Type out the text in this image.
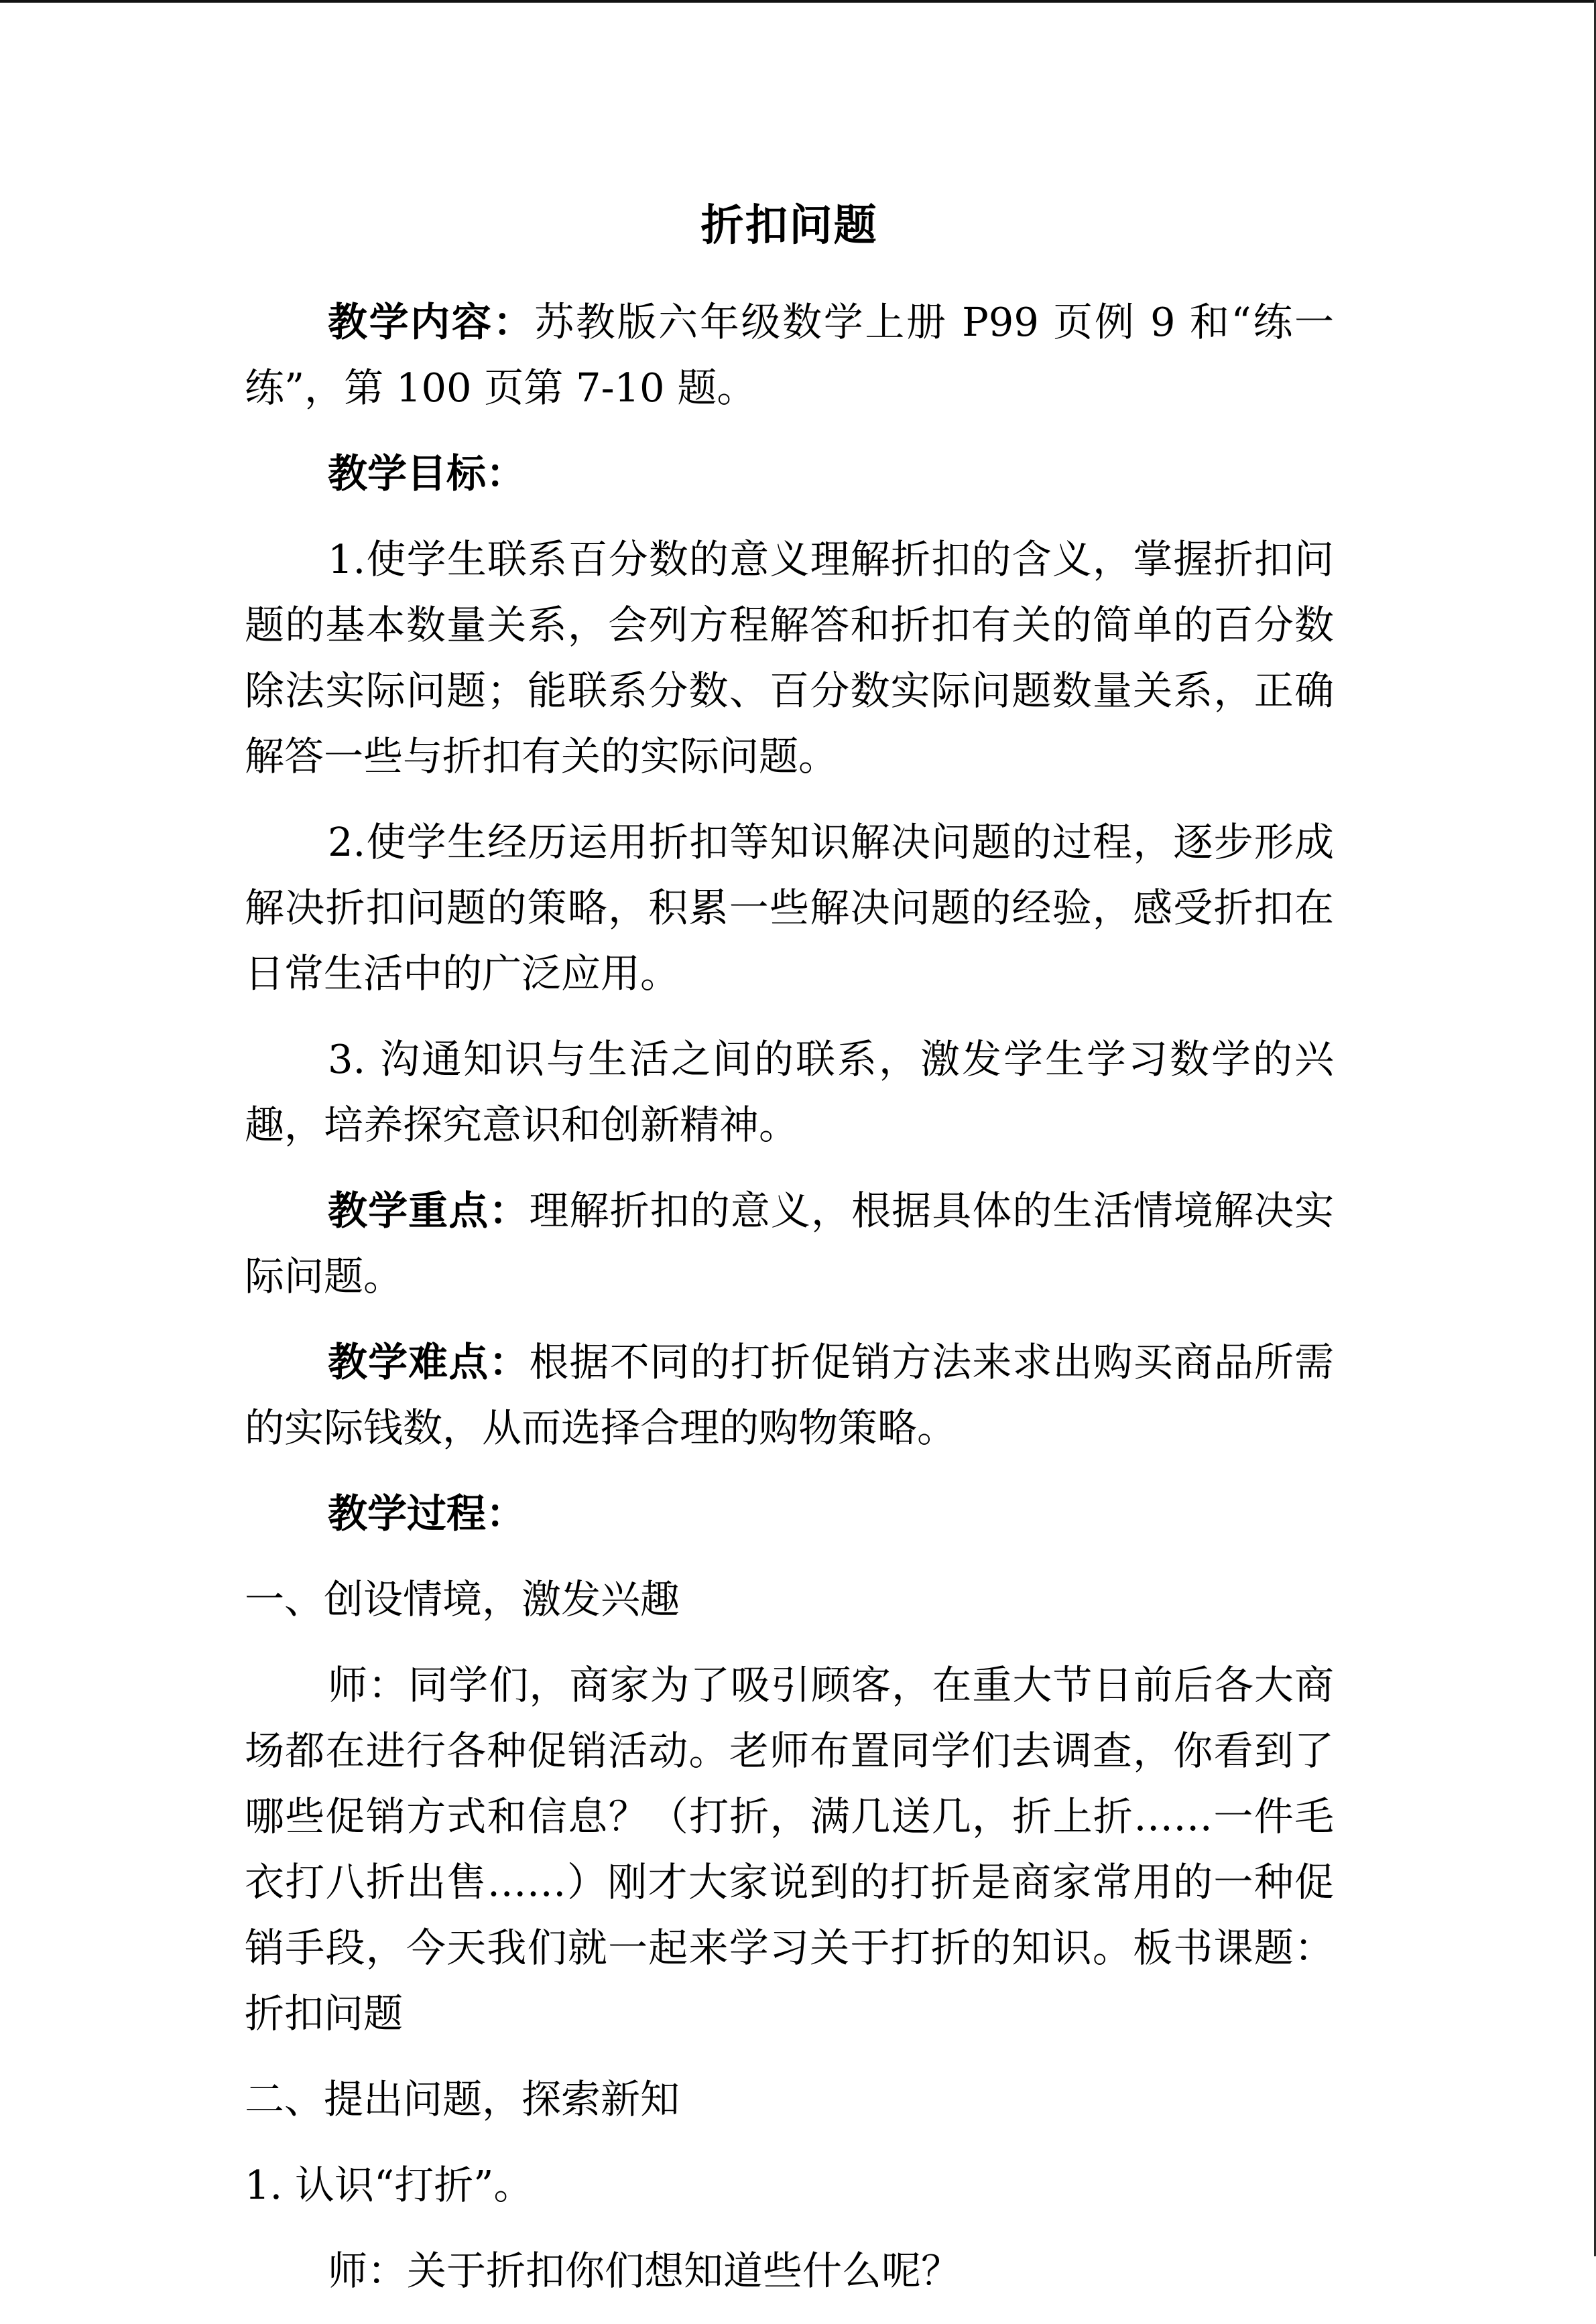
折扣问题

教学内容：苏教版六年级数学上册 P99 页例 9 和“练一练”，第 100 页第 7-10 题。

教学目标：

1.使学生联系百分数的意义理解折扣的含义，掌握折扣问题的基本数量关系，会列方程解答和折扣有关的简单的百分数除法实际问题；能联系分数、百分数实际问题数量关系，正确解答一些与折扣有关的实际问题。

2.使学生经历运用折扣等知识解决问题的过程，逐步形成解决折扣问题的策略，积累一些解决问题的经验，感受折扣在日常生活中的广泛应用。

3. 沟通知识与生活之间的联系，激发学生学习数学的兴趣，培养探究意识和创新精神。

教学重点：理解折扣的意义，根据具体的生活情境解决实际问题。

教学难点：根据不同的打折促销方法来求出购买商品所需的实际钱数，从而选择合理的购物策略。

教学过程：

一、创设情境，激发兴趣

师：同学们，商家为了吸引顾客，在重大节日前后各大商场都在进行各种促销活动。老师布置同学们去调查，你看到了哪些促销方式和信息？（打折，满几送几，折上折……一件毛衣打八折出售……）刚才大家说到的打折是商家常用的一种促销手段，今天我们就一起来学习关于打折的知识。板书课题：折扣问题

二、提出问题，探索新知

1. 认识“打折”。

师：关于折扣你们想知道些什么呢？
